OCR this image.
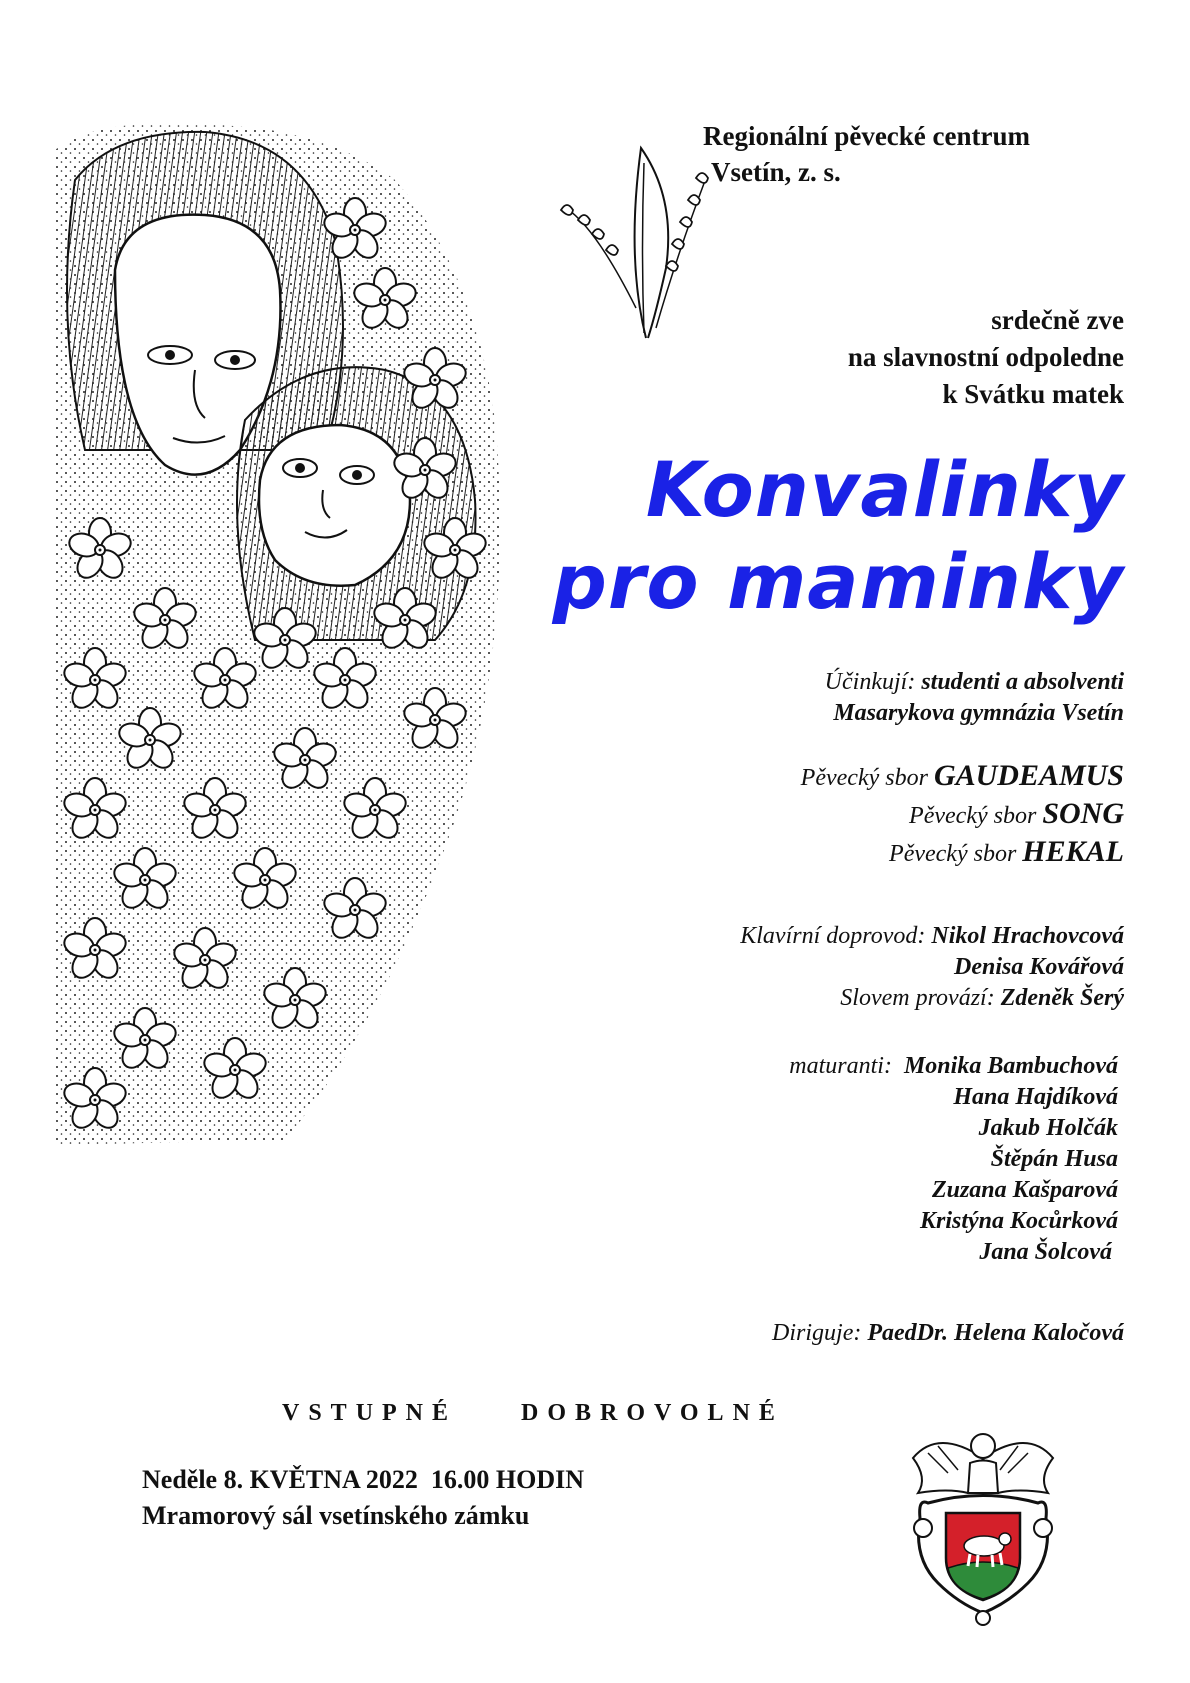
Regionální pěvecké centrum
Vsetín, z. s.
srdečně zve
na slavnostní odpoledne
k Svátku matek
Konvalinky
pro maminky
Účinkují: studenti a absolventi
Masarykova gymnázia Vsetín
Pěvecký sbor GAUDEAMUS
Pěvecký sbor SONG
Pěvecký sbor HEKAL
Klavírní doprovod: Nikol Hrachovcová
Denisa Kovářová
Slovem provází: Zdeněk Šerý
maturanti: Monika Bambuchová
Hana Hajdíková
Jakub Holčák
Štěpán Husa
Zuzana Kašparová
Kristýna Kocůrková
Jana Šolcová
Diriguje: PaedDr. Helena Kaločová
VSTUPNÉ	DOBROVOLNÉ
Neděle 8. KVĚTNA 2022  16.00 HODIN
Mramorový sál vsetínského zámku
